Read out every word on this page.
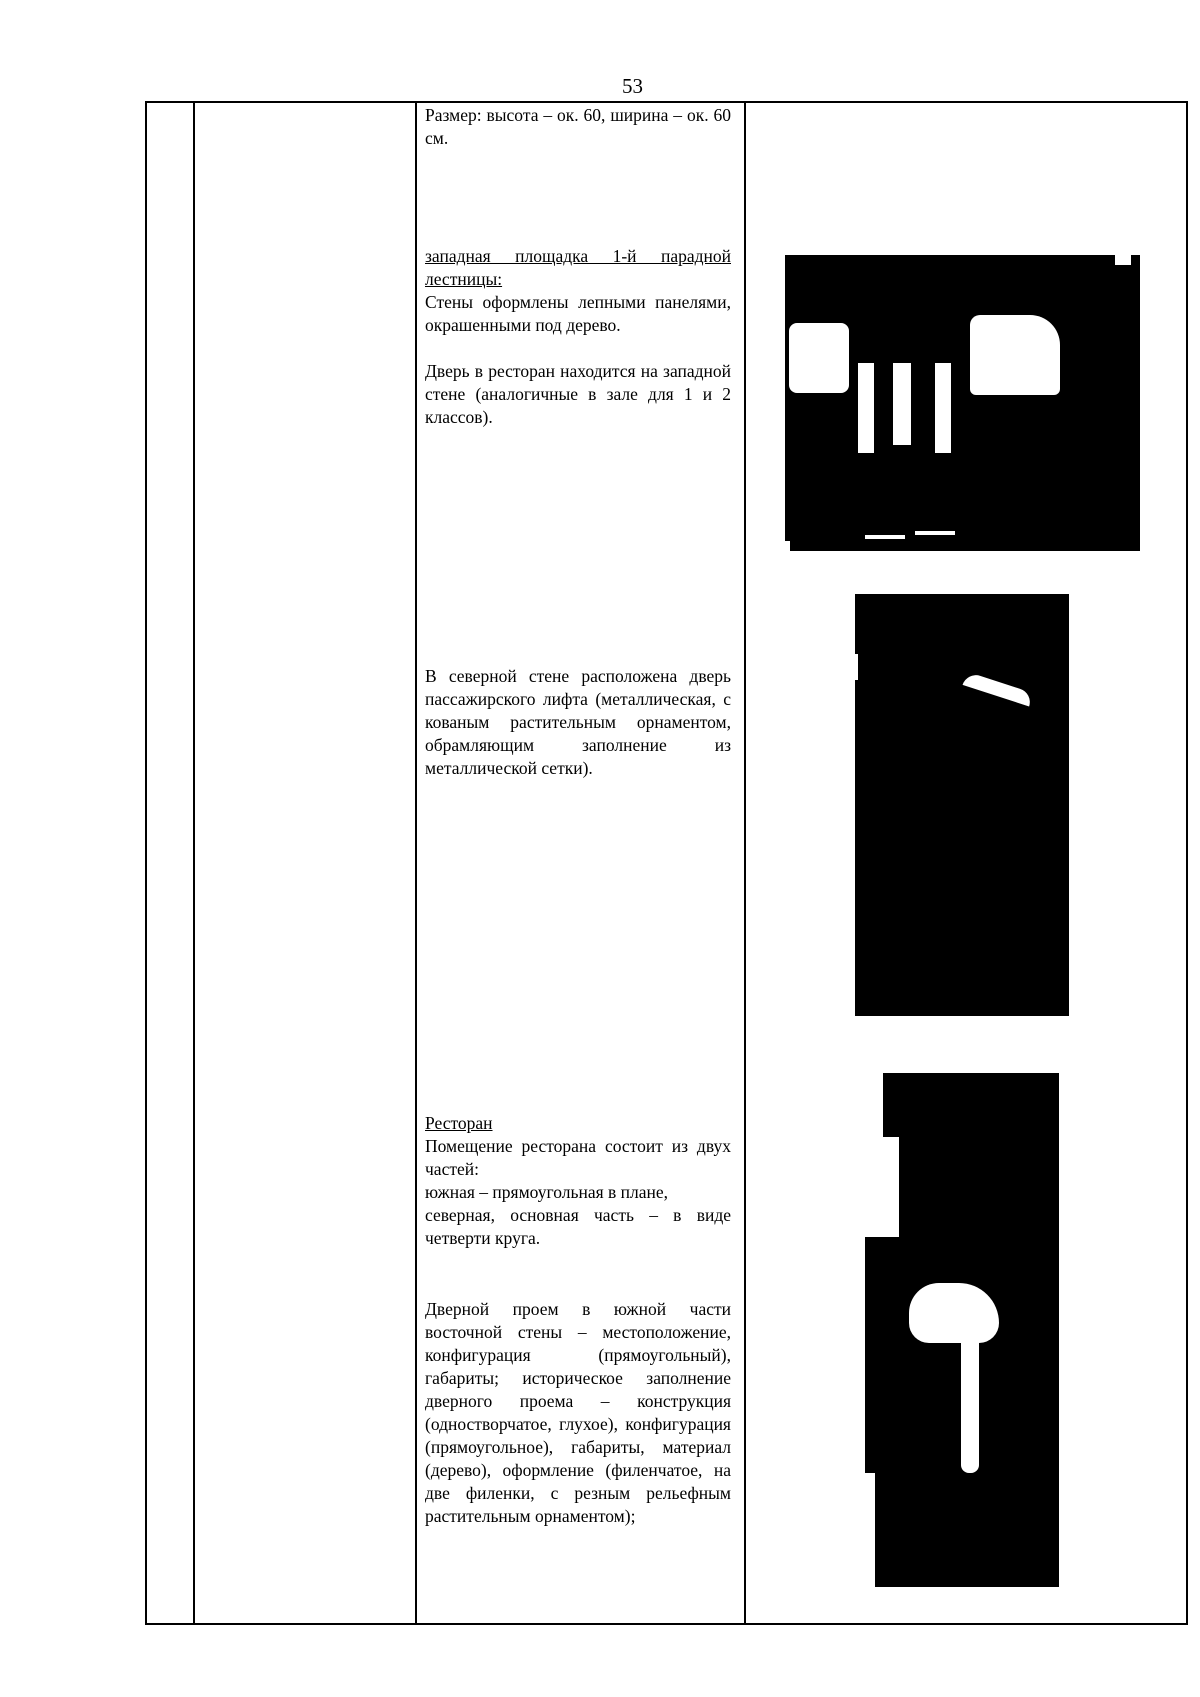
53

Размер: высота – ок. 60, ширина – ок. 60 см.

западная площадка 1-й парадной лестницы:

Стены оформлены лепными панелями, окрашенными под дерево.

Дверь в ресторан находится на западной стене (аналогичные в зале для 1 и 2 классов).

В северной стене расположена дверь пассажирского лифта (металлическая, с кованым растительным орнаментом, обрамляющим заполнение из металлической сетки).

Ресторан

Помещение ресторана состоит из двух частей:
южная – прямоугольная в плане,
северная, основная часть – в виде четверти круга.

Дверной проем в южной части восточной стены – местоположение, конфигурация (прямоугольный), габариты; историческое заполнение дверного проема – конструкция (одностворчатое, глухое), конфигурация (прямоугольное), габариты, материал (дерево), оформление (филенчатое, на две филенки, с резным рельефным растительным орнаментом);
